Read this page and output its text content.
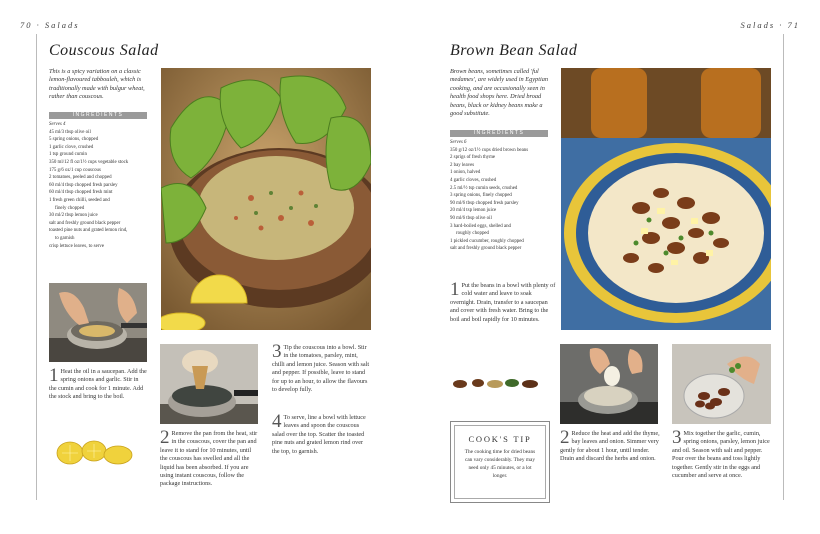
70 · Salads
Couscous Salad

This is a spicy variation on a classic lemon-flavoured tabbouleh, which is traditionally made with bulgur wheat, rather than couscous.

INGREDIENTS
Serves 4
45 ml/3 tbsp olive oil
5 spring onions, chopped
1 garlic clove, crushed
1 tsp ground cumin
350 ml/12 fl oz/1½ cups vegetable stock
175 g/6 oz/1 cup couscous
2 tomatoes, peeled and chopped
60 ml/4 tbsp chopped fresh parsley
60 ml/4 tbsp chopped fresh mint
1 fresh green chilli, seeded and
finely chopped
30 ml/2 tbsp lemon juice
salt and freshly ground black pepper
toasted pine nuts and grated lemon rind,
to garnish
crisp lettuce leaves, to serve

1 Heat the oil in a saucepan. Add the spring onions and garlic. Stir in the cumin and cook for 1 minute. Add the stock and bring to the boil.

2 Remove the pan from the heat, stir in the couscous, cover the pan and leave it to stand for 10 minutes, until the couscous has swelled and all the liquid has been absorbed. If you are using instant couscous, follow the package instructions.

3 Tip the couscous into a bowl. Stir in the tomatoes, parsley, mint, chilli and lemon juice. Season with salt and pepper. If possible, leave to stand for up to an hour, to allow the flavours to develop fully.

4 To serve, line a bowl with lettuce leaves and spoon the couscous salad over the top. Scatter the toasted pine nuts and grated lemon rind over the top, to garnish.

Salads · 71
Brown Bean Salad

Brown beans, sometimes called 'ful medames', are widely used in Egyptian cooking, and are occasionally seen in health food shops here. Dried broad beans, black or kidney beans make a good substitute.

INGREDIENTS
Serves 6
350 g/12 oz/1½ cups dried brown beans
2 sprigs of fresh thyme
2 bay leaves
1 onion, halved
4 garlic cloves, crushed
2.5 ml/½ tsp cumin seeds, crushed
3 spring onions, finely chopped
90 ml/6 tbsp chopped fresh parsley
20 ml/4 tsp lemon juice
90 ml/6 tbsp olive oil
3 hard-boiled eggs, shelled and
roughly chopped
1 pickled cucumber, roughly chopped
salt and freshly ground black pepper

1 Put the beans in a bowl with plenty of cold water and leave to soak overnight. Drain, transfer to a saucepan and cover with fresh water. Bring to the boil and boil rapidly for 10 minutes.

COOK'S TIP

The cooking time for dried beans can vary considerably. They may need only 45 minutes, or a lot longer.

2 Reduce the heat and add the thyme, bay leaves and onion. Simmer very gently for about 1 hour, until tender. Drain and discard the herbs and onion.

3 Mix together the garlic, cumin, spring onions, parsley, lemon juice and oil. Season with salt and pepper. Pour over the beans and toss lightly together. Gently stir in the eggs and cucumber and serve at once.
